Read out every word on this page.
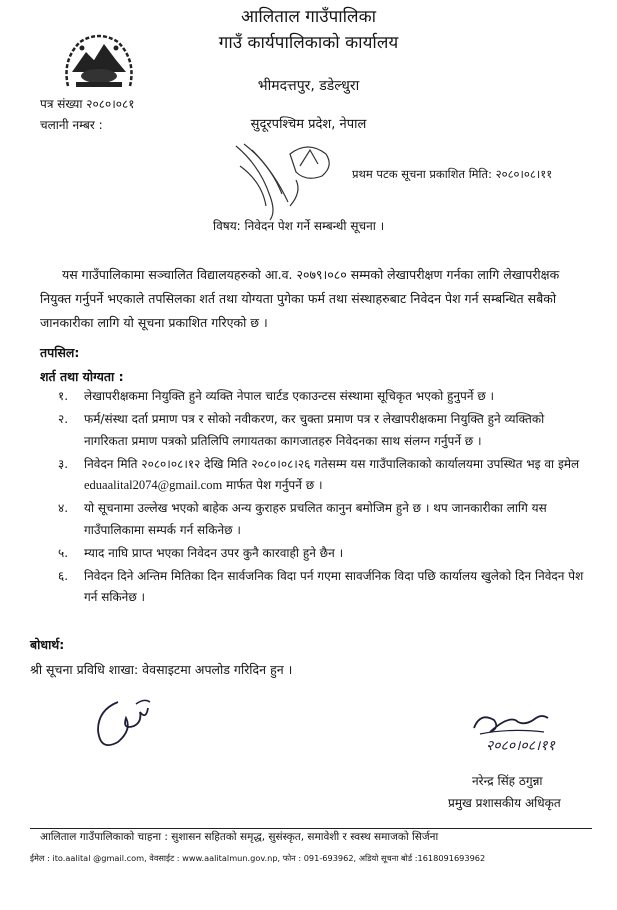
आलिताल गाउँपालिका
गाउँ कार्यपालिकाको कार्यालय
भीमदत्तपुर, डडेल्धुरा
सुदूरपश्चिम प्रदेश, नेपाल
पत्र संख्या २०८०।०८१
चलानी नम्बर :
प्रथम पटक सूचना प्रकाशित मिति: २०८०।०८।११
विषय: निवेदन पेश गर्ने सम्बन्धी सूचना ।
यस गाउँपालिकामा सञ्चालित विद्यालयहरुको आ.व. २०७९।०८० सम्मको लेखापरीक्षण गर्नका लागि लेखापरीक्षक नियुक्त गर्नुपर्ने भएकाले तपसिलका शर्त तथा योग्यता पुगेका फर्म तथा संस्थाहरुबाट निवेदन पेश गर्न सम्बन्धित सबैको जानकारीका लागि यो सूचना प्रकाशित गरिएको छ ।
तपसिल:
शर्त तथा योग्यता :
१.	लेखापरीक्षकमा नियुक्ति हुने व्यक्ति नेपाल चार्टड एकाउन्टस संस्थामा सूचिकृत भएको हुनुपर्ने छ ।
२.	फर्म/संस्था दर्ता प्रमाण पत्र र सोको नवीकरण, कर चुक्ता प्रमाण पत्र र लेखापरीक्षकमा नियुक्ति हुने व्यक्तिको नागरिकता प्रमाण पत्रको प्रतिलिपि लगायतका कागजातहरु निवेदनका साथ संलग्न गर्नुपर्ने छ ।
३.	निवेदन मिति २०८०।०८।१२ देखि मिति २०८०।०८।२६ गतेसम्म यस गाउँपालिकाको कार्यालयमा उपस्थित भइ वा इमेल eduaalital2074@gmail.com मार्फत पेश गर्नुपर्ने छ ।
४.	यो सूचनामा उल्लेख भएको बाहेक अन्य कुराहरु प्रचलित कानुन बमोजिम हुने छ । थप जानकारीका लागि यस गाउँपालिकामा सम्पर्क गर्न सकिनेछ ।
५.	म्याद नाघि प्राप्त भएका निवेदन उपर कुनै कारवाही हुने छैन ।
६.	निवेदन दिने अन्तिम मितिका दिन सार्वजनिक विदा पर्न गएमा सावर्जनिक विदा पछि कार्यालय खुलेको दिन निवेदन पेश गर्न सकिनेछ ।
बोधार्थ:
श्री सूचना प्रविधि शाखा: वेवसाइटमा अपलोड गरिदिन हुन ।
२०८०।०८।११
नरेन्द्र सिंह ठगुन्ना
प्रमुख प्रशासकीय अधिकृत
आलिताल गाउँपालिकाको चाहना : सुशासन सहितको समृद्ध, सुसंस्कृत, समावेशी र स्वस्थ समाजको सिर्जना
ईमेल : ito.aalital @gmail.com, वेवसाईट : www.aalitalmun.gov.np, फोन : 091-693962, अडियो सूचना बोर्ड :1618091693962
